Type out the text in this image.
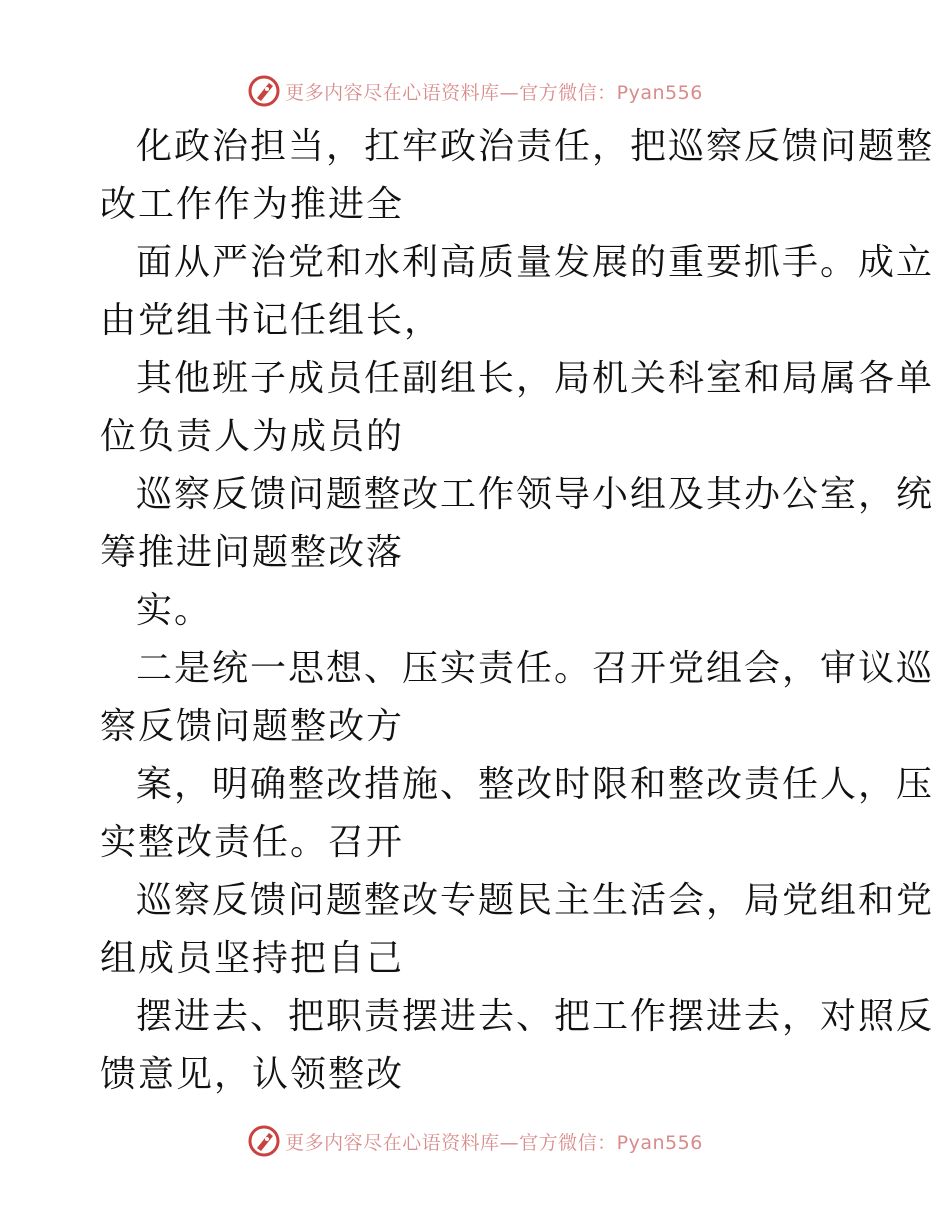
更多内容尽在心语资料库—官方微信：Pyan556
化政治担当，扛牢政治责任，把巡察反馈问题整
改工作作为推进全
面从严治党和水利高质量发展的重要抓手。成立
由党组书记任组长，
其他班子成员任副组长，局机关科室和局属各单
位负责人为成员的
巡察反馈问题整改工作领导小组及其办公室，统
筹推进问题整改落
实。
二是统一思想、压实责任。召开党组会，审议巡
察反馈问题整改方
案，明确整改措施、整改时限和整改责任人，压
实整改责任。召开
巡察反馈问题整改专题民主生活会，局党组和党
组成员坚持把自己
摆进去、把职责摆进去、把工作摆进去，对照反
馈意见，认领整改
更多内容尽在心语资料库—官方微信：Pyan556
